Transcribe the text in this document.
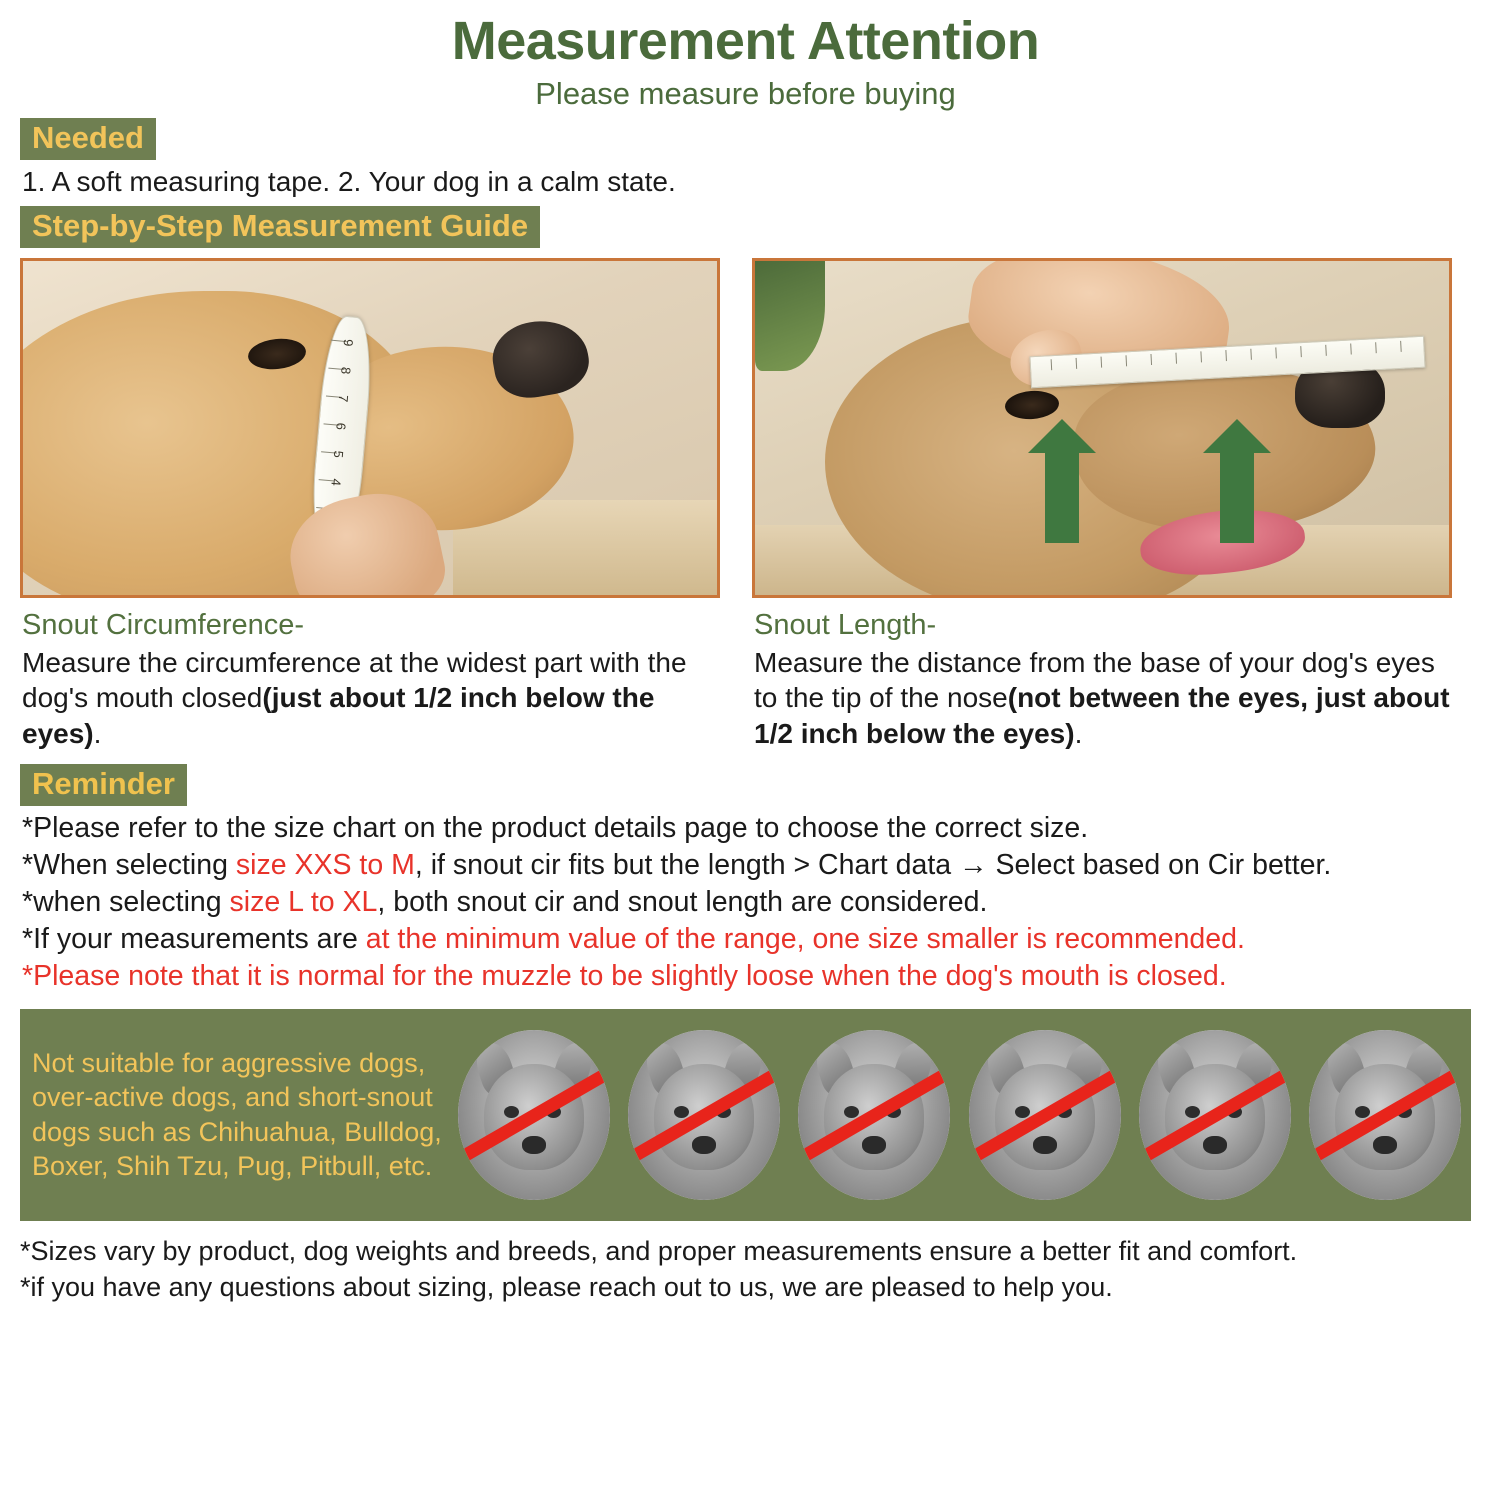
Measurement Attention
Please measure before buying
Needed
1. A soft measuring tape. 2. Your dog in a calm state.
Step-by-Step Measurement Guide
9
8
7
6
5
4
Snout Circumference-
Measure the circumference at the widest part with the dog's mouth closed(just about 1/2 inch below the eyes).
Snout Length-
Measure the distance from the base of your dog's eyes to the tip of the nose(not between the eyes, just about 1/2 inch below the eyes).
Reminder
*Please refer to the size chart on the product details page to choose the correct size.
*When selecting size XXS to M, if snout cir fits but the length > Chart data → Select based on Cir better.
*when selecting size L to XL, both snout cir and snout length are considered.
*If your measurements are at the minimum value of the range, one size smaller is recommended.
*Please note that it is normal for the muzzle to be slightly loose when the dog's mouth is closed.
Not suitable for aggressive dogs, over-active dogs, and short-snout dogs such as Chihuahua, Bulldog, Boxer, Shih Tzu, Pug, Pitbull, etc.
*Sizes vary by product, dog weights and breeds, and proper measurements ensure a better fit and comfort.
*if you have any questions about sizing, please reach out to us, we are pleased to help you.
